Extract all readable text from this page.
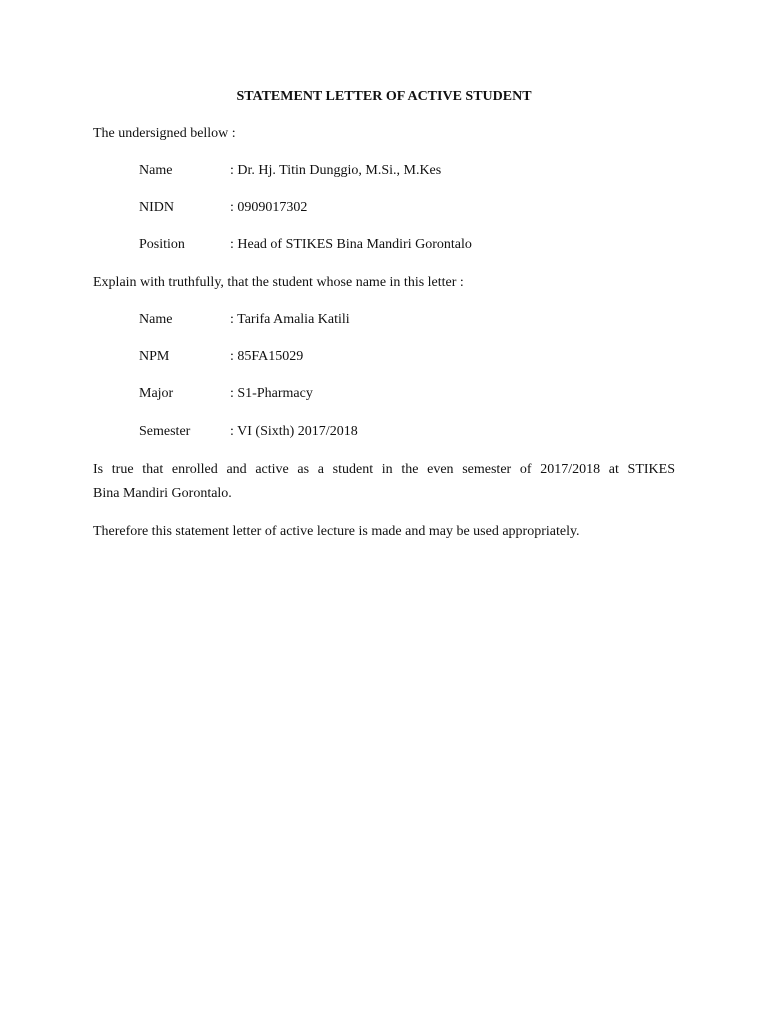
STATEMENT LETTER OF ACTIVE STUDENT
The undersigned bellow :
Name	: Dr. Hj. Titin Dunggio, M.Si., M.Kes
NIDN	: 0909017302
Position	: Head of STIKES Bina Mandiri Gorontalo
Explain with truthfully, that the student whose name in this letter :
Name	: Tarifa Amalia Katili
NPM	: 85FA15029
Major	: S1-Pharmacy
Semester	: VI (Sixth) 2017/2018
Is true that enrolled and active as a student in the even semester of 2017/2018 at STIKES
Bina Mandiri Gorontalo.
Therefore this statement letter of active lecture is made and may be used appropriately.
